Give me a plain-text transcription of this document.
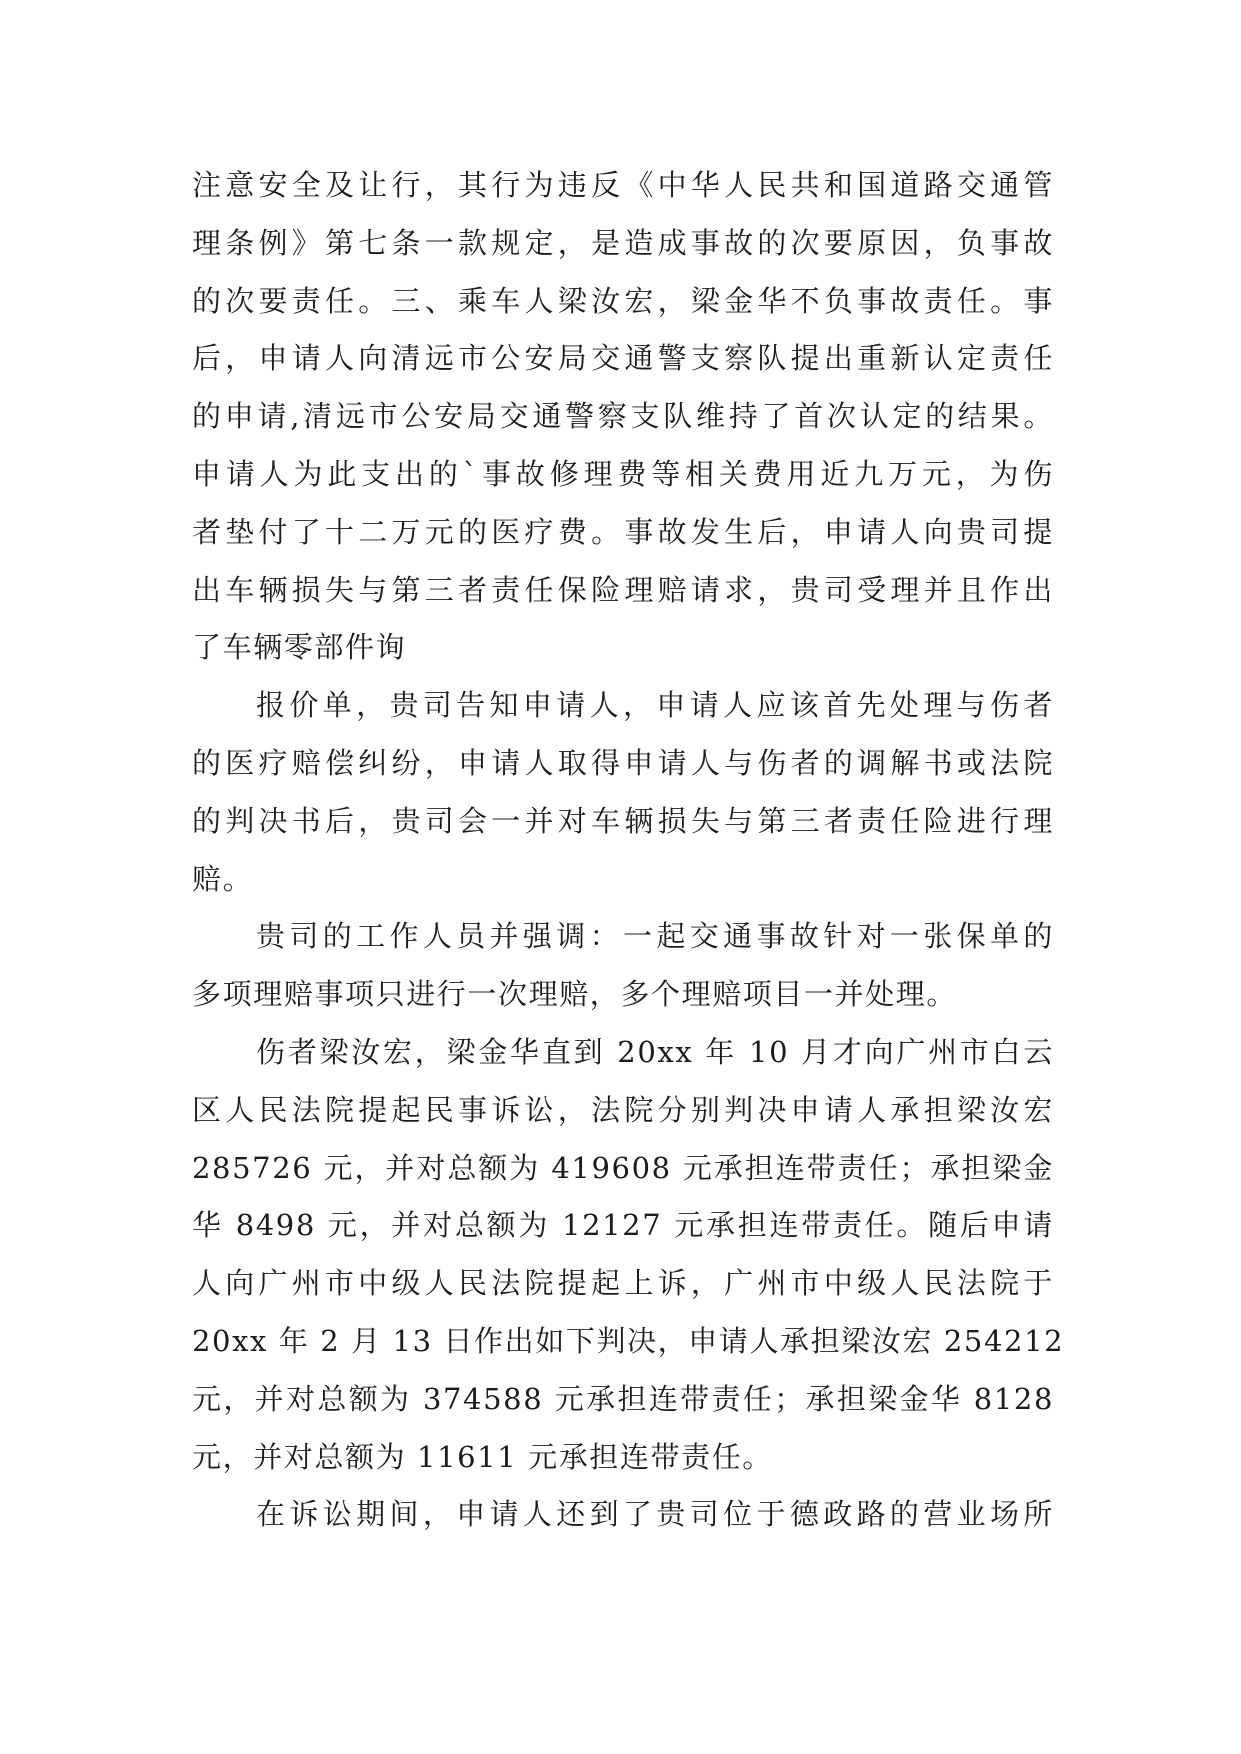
注意安全及让行，其行为违反《中华人民共和国道路交通管
理条例》第七条一款规定，是造成事故的次要原因，负事故
的次要责任。三、乘车人梁汝宏，梁金华不负事故责任。事
后，申请人向清远市公安局交通警支察队提出重新认定责任
的申请,清远市公安局交通警察支队维持了首次认定的结果。
申请人为此支出的`事故修理费等相关费用近九万元，为伤
者垫付了十二万元的医疗费。事故发生后，申请人向贵司提
出车辆损失与第三者责任保险理赔请求，贵司受理并且作出
了车辆零部件询
报价单，贵司告知申请人，申请人应该首先处理与伤者
的医疗赔偿纠纷，申请人取得申请人与伤者的调解书或法院
的判决书后，贵司会一并对车辆损失与第三者责任险进行理
赔。
贵司的工作人员并强调：一起交通事故针对一张保单的
多项理赔事项只进行一次理赔，多个理赔项目一并处理。
伤者梁汝宏，梁金华直到 20xx 年 10 月才向广州市白云
区人民法院提起民事诉讼，法院分别判决申请人承担梁汝宏
285726 元，并对总额为 419608 元承担连带责任；承担梁金
华 8498 元，并对总额为 12127 元承担连带责任。随后申请
人向广州市中级人民法院提起上诉，广州市中级人民法院于
20xx 年 2 月 13 日作出如下判决，申请人承担梁汝宏 254212
元，并对总额为 374588 元承担连带责任；承担梁金华 8128
元，并对总额为 11611 元承担连带责任。
在诉讼期间，申请人还到了贵司位于德政路的营业场所
